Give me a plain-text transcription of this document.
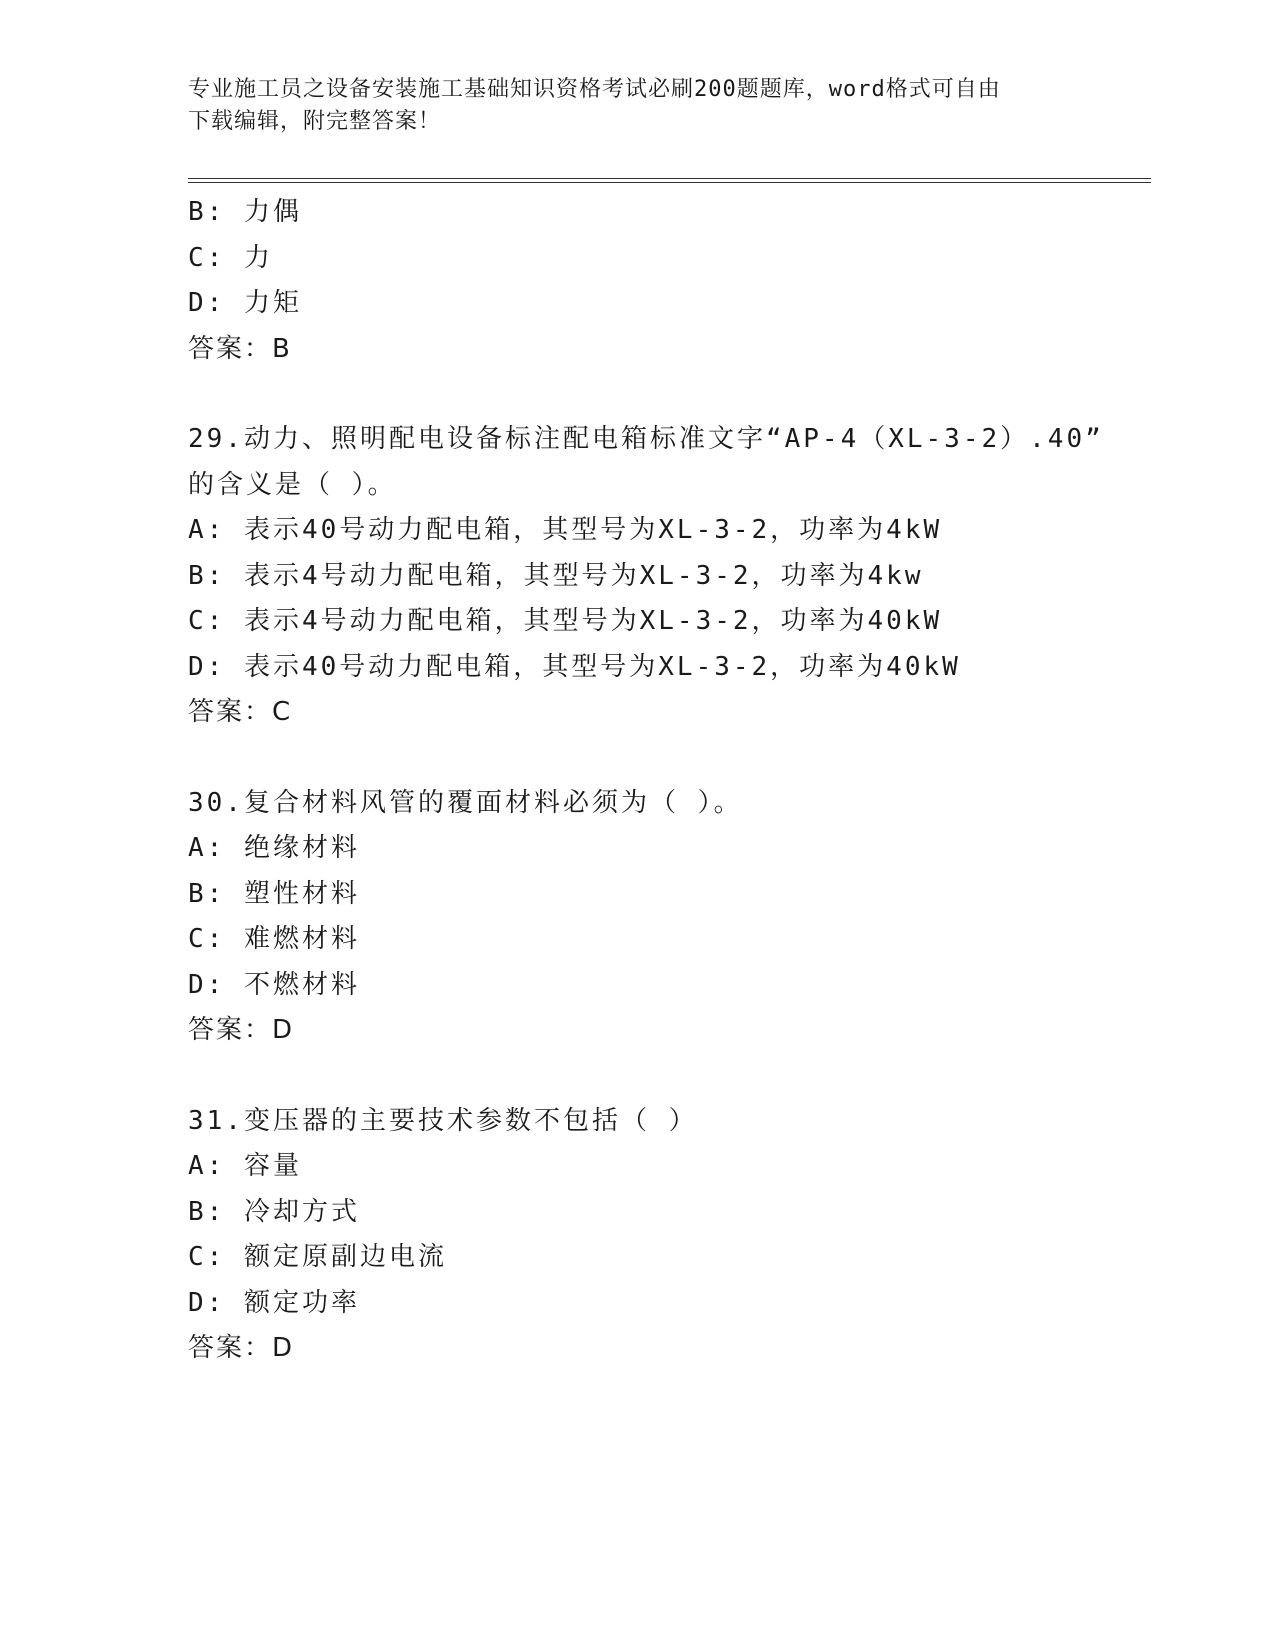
专业施工员之设备安装施工基础知识资格考试必刷200题题库，word格式可自由
下载编辑，附完整答案！
B: 力偶
C: 力
D: 力矩
答案：B
29.动力、照明配电设备标注配电箱标准文字“AP-4（XL-3-2）.40”
的含义是（ ）。
A: 表示40号动力配电箱，其型号为XL-3-2，功率为4kW
B: 表示4号动力配电箱，其型号为XL-3-2，功率为4kw
C: 表示4号动力配电箱，其型号为XL-3-2，功率为40kW
D: 表示40号动力配电箱，其型号为XL-3-2，功率为40kW
答案：C
30.复合材料风管的覆面材料必须为（ ）。
A: 绝缘材料
B: 塑性材料
C: 难燃材料
D: 不燃材料
答案：D
31.变压器的主要技术参数不包括（ ）
A: 容量
B: 冷却方式
C: 额定原副边电流
D: 额定功率
答案：D
